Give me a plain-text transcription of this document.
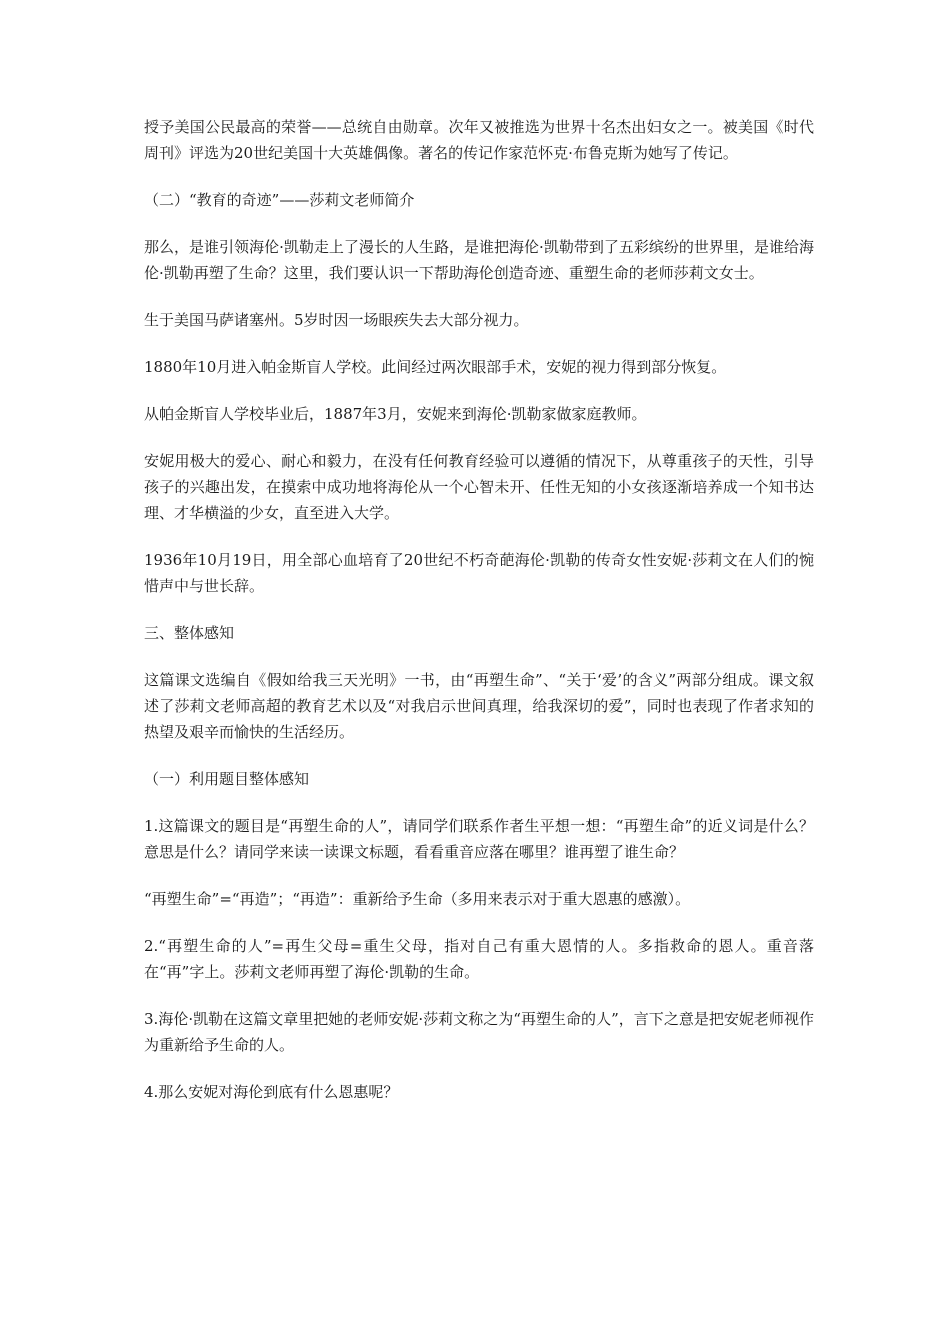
授予美国公民最高的荣誉——总统自由勋章。次年又被推选为世界十名杰出妇女之一。被美国《时代周刊》评选为20世纪美国十大英雄偶像。著名的传记作家范怀克·布鲁克斯为她写了传记。

（二）“教育的奇迹”——莎莉文老师简介

那么，是谁引领海伦·凯勒走上了漫长的人生路，是谁把海伦·凯勒带到了五彩缤纷的世界里，是谁给海伦·凯勒再塑了生命？这里，我们要认识一下帮助海伦创造奇迹、重塑生命的老师莎莉文女士。

生于美国马萨诸塞州。5岁时因一场眼疾失去大部分视力。

1880年10月进入帕金斯盲人学校。此间经过两次眼部手术，安妮的视力得到部分恢复。

从帕金斯盲人学校毕业后，1887年3月，安妮来到海伦·凯勒家做家庭教师。

安妮用极大的爱心、耐心和毅力，在没有任何教育经验可以遵循的情况下，从尊重孩子的天性，引导孩子的兴趣出发，在摸索中成功地将海伦从一个心智未开、任性无知的小女孩逐渐培养成一个知书达理、才华横溢的少女，直至进入大学。

1936年10月19日，用全部心血培育了20世纪不朽奇葩海伦·凯勒的传奇女性安妮·莎莉文在人们的惋惜声中与世长辞。

三、整体感知

这篇课文选编自《假如给我三天光明》一书，由“再塑生命”、“关于‘爱’的含义”两部分组成。课文叙述了莎莉文老师高超的教育艺术以及“对我启示世间真理，给我深切的爱”，同时也表现了作者求知的热望及艰辛而愉快的生活经历。

（一）利用题目整体感知

1.这篇课文的题目是“再塑生命的人”，请同学们联系作者生平想一想：“再塑生命”的近义词是什么？意思是什么？请同学来读一读课文标题，看看重音应落在哪里？谁再塑了谁生命？

“再塑生命”=“再造”；“再造”：重新给予生命（多用来表示对于重大恩惠的感激）。

2.“再塑生命的人”=再生父母=重生父母，指对自己有重大恩情的人。多指救命的恩人。重音落在“再”字上。莎莉文老师再塑了海伦·凯勒的生命。

3.海伦·凯勒在这篇文章里把她的老师安妮·莎莉文称之为“再塑生命的人”，言下之意是把安妮老师视作为重新给予生命的人。

4.那么安妮对海伦到底有什么恩惠呢？
